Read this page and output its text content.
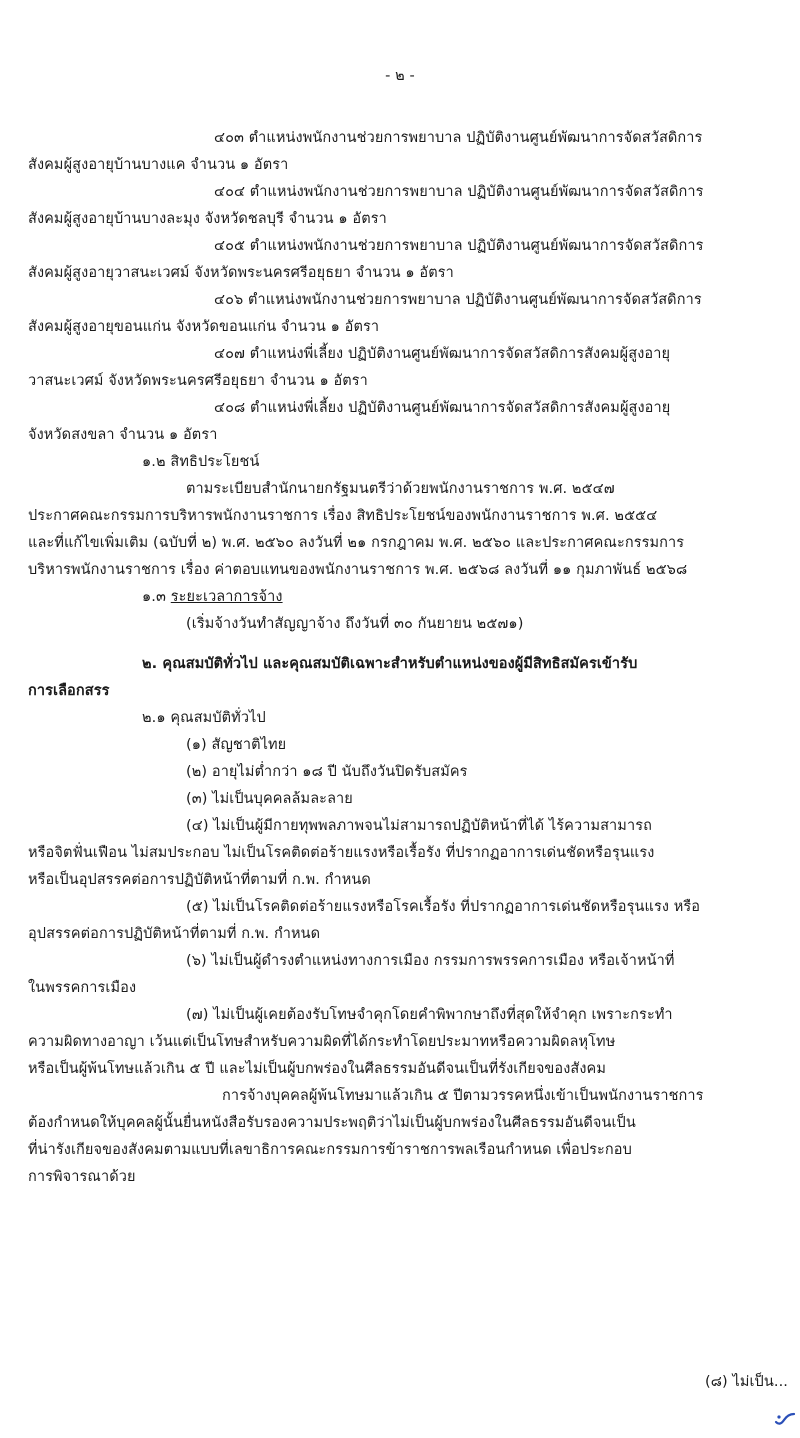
- ๒ -
๔๐๓ ตำแหน่งพนักงานช่วยการพยาบาล ปฏิบัติงานศูนย์พัฒนาการจัดสวัสดิการ
สังคมผู้สูงอายุบ้านบางแค จำนวน ๑ อัตรา
๔๐๔ ตำแหน่งพนักงานช่วยการพยาบาล ปฏิบัติงานศูนย์พัฒนาการจัดสวัสดิการ
สังคมผู้สูงอายุบ้านบางละมุง จังหวัดชลบุรี จำนวน ๑ อัตรา
๔๐๕ ตำแหน่งพนักงานช่วยการพยาบาล ปฏิบัติงานศูนย์พัฒนาการจัดสวัสดิการ
สังคมผู้สูงอายุวาสนะเวศม์ จังหวัดพระนครศรีอยุธยา จำนวน ๑ อัตรา
๔๐๖ ตำแหน่งพนักงานช่วยการพยาบาล ปฏิบัติงานศูนย์พัฒนาการจัดสวัสดิการ
สังคมผู้สูงอายุขอนแก่น จังหวัดขอนแก่น จำนวน ๑ อัตรา
๔๐๗ ตำแหน่งพี่เลี้ยง ปฏิบัติงานศูนย์พัฒนาการจัดสวัสดิการสังคมผู้สูงอายุ
วาสนะเวศม์ จังหวัดพระนครศรีอยุธยา จำนวน ๑ อัตรา
๔๐๘ ตำแหน่งพี่เลี้ยง ปฏิบัติงานศูนย์พัฒนาการจัดสวัสดิการสังคมผู้สูงอายุ
จังหวัดสงขลา จำนวน ๑ อัตรา
๑.๒ สิทธิประโยชน์
ตามระเบียบสำนักนายกรัฐมนตรีว่าด้วยพนักงานราชการ พ.ศ. ๒๕๔๗
ประกาศคณะกรรมการบริหารพนักงานราชการ เรื่อง สิทธิประโยชน์ของพนักงานราชการ พ.ศ. ๒๕๕๔
และที่แก้ไขเพิ่มเติม (ฉบับที่ ๒) พ.ศ. ๒๕๖๐ ลงวันที่ ๒๑ กรกฎาคม พ.ศ. ๒๕๖๐ และประกาศคณะกรรมการ
บริหารพนักงานราชการ เรื่อง ค่าตอบแทนของพนักงานราชการ พ.ศ. ๒๕๖๘ ลงวันที่ ๑๑ กุมภาพันธ์ ๒๕๖๘
๑.๓ ระยะเวลาการจ้าง
(เริ่มจ้างวันทำสัญญาจ้าง ถึงวันที่ ๓๐ กันยายน ๒๕๗๑)
๒. คุณสมบัติทั่วไป และคุณสมบัติเฉพาะสำหรับตำแหน่งของผู้มีสิทธิสมัครเข้ารับ
การเลือกสรร
๒.๑ คุณสมบัติทั่วไป
(๑) สัญชาติไทย
(๒) อายุไม่ต่ำกว่า ๑๘ ปี นับถึงวันปิดรับสมัคร
(๓) ไม่เป็นบุคคลล้มละลาย
(๔) ไม่เป็นผู้มีกายทุพพลภาพจนไม่สามารถปฏิบัติหน้าที่ได้ ไร้ความสามารถ
หรือจิตฟั่นเฟือน ไม่สมประกอบ ไม่เป็นโรคติดต่อร้ายแรงหรือเรื้อรัง ที่ปรากฏอาการเด่นชัดหรือรุนแรง
หรือเป็นอุปสรรคต่อการปฏิบัติหน้าที่ตามที่ ก.พ. กำหนด
(๕) ไม่เป็นโรคติดต่อร้ายแรงหรือโรคเรื้อรัง ที่ปรากฏอาการเด่นชัดหรือรุนแรง หรือ
อุปสรรคต่อการปฏิบัติหน้าที่ตามที่ ก.พ. กำหนด
(๖) ไม่เป็นผู้ดำรงตำแหน่งทางการเมือง กรรมการพรรคการเมือง หรือเจ้าหน้าที่
ในพรรคการเมือง
(๗) ไม่เป็นผู้เคยต้องรับโทษจำคุกโดยคำพิพากษาถึงที่สุดให้จำคุก เพราะกระทำ
ความผิดทางอาญา เว้นแต่เป็นโทษสำหรับความผิดที่ได้กระทำโดยประมาทหรือความผิดลหุโทษ
หรือเป็นผู้พ้นโทษแล้วเกิน ๕ ปี และไม่เป็นผู้บกพร่องในศีลธรรมอันดีจนเป็นที่รังเกียจของสังคม
การจ้างบุคคลผู้พ้นโทษมาแล้วเกิน ๕ ปีตามวรรคหนึ่งเข้าเป็นพนักงานราชการ
ต้องกำหนดให้บุคคลผู้นั้นยื่นหนังสือรับรองความประพฤติว่าไม่เป็นผู้บกพร่องในศีลธรรมอันดีจนเป็น
ที่น่ารังเกียจของสังคมตามแบบที่เลขาธิการคณะกรรมการข้าราชการพลเรือนกำหนด เพื่อประกอบ
การพิจารณาด้วย
(๘) ไม่เป็น...
